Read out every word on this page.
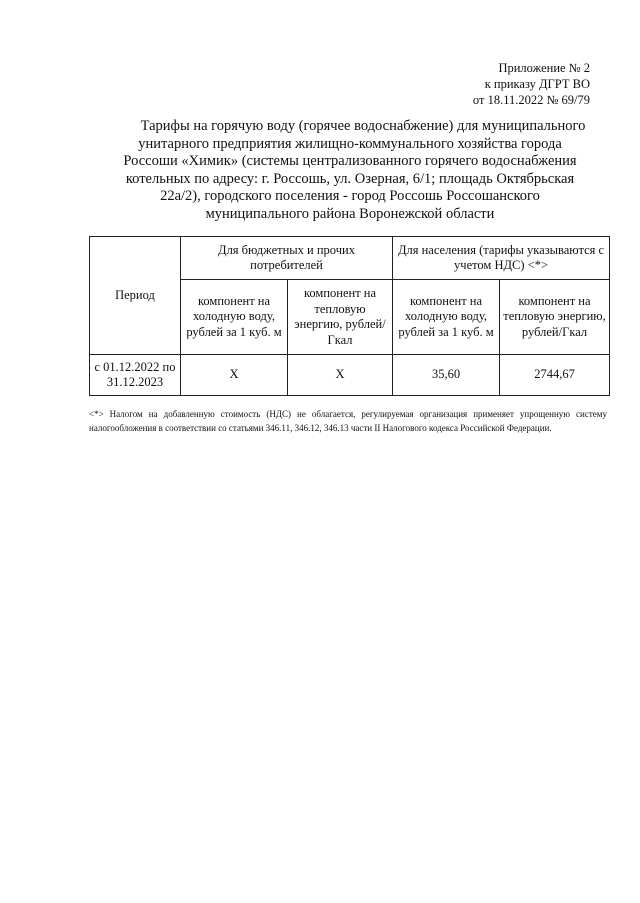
Приложение № 2
к приказу ДГРТ ВО
от 18.11.2022 № 69/79

Тарифы на горячую воду (горячее водоснабжение) для муниципального

унитарного предприятия жилищно-коммунального хозяйства города

Россоши «Химик» (системы централизованного горячего водоснабжения

котельных по адресу: г. Россошь, ул. Озерная, 6/1; площадь Октябрьская

22а/2), городского поселения - город Россошь Россошанского

муниципального района Воронежской области

Период	Для бюджетных и прочих потребителей		Для населения (тарифы указываются с учетом НДС) <*>	
	компонент на холодную воду, рублей за 1 куб. м	компонент на тепловую энергию, рублей/Гкал	компонент на холодную воду, рублей за 1 куб. м	компонент на тепловую энергию, рублей/Гкал
с 01.12.2022 по 31.12.2023	X	X	35,60	2744,67
<*> Налогом на добавленную стоимость (НДС) не облагается, регулируемая организация применяет упрощенную систему налогообложения в соответствии со статьями 346.11, 346.12, 346.13 части II Налогового кодекса Российской Федерации.
